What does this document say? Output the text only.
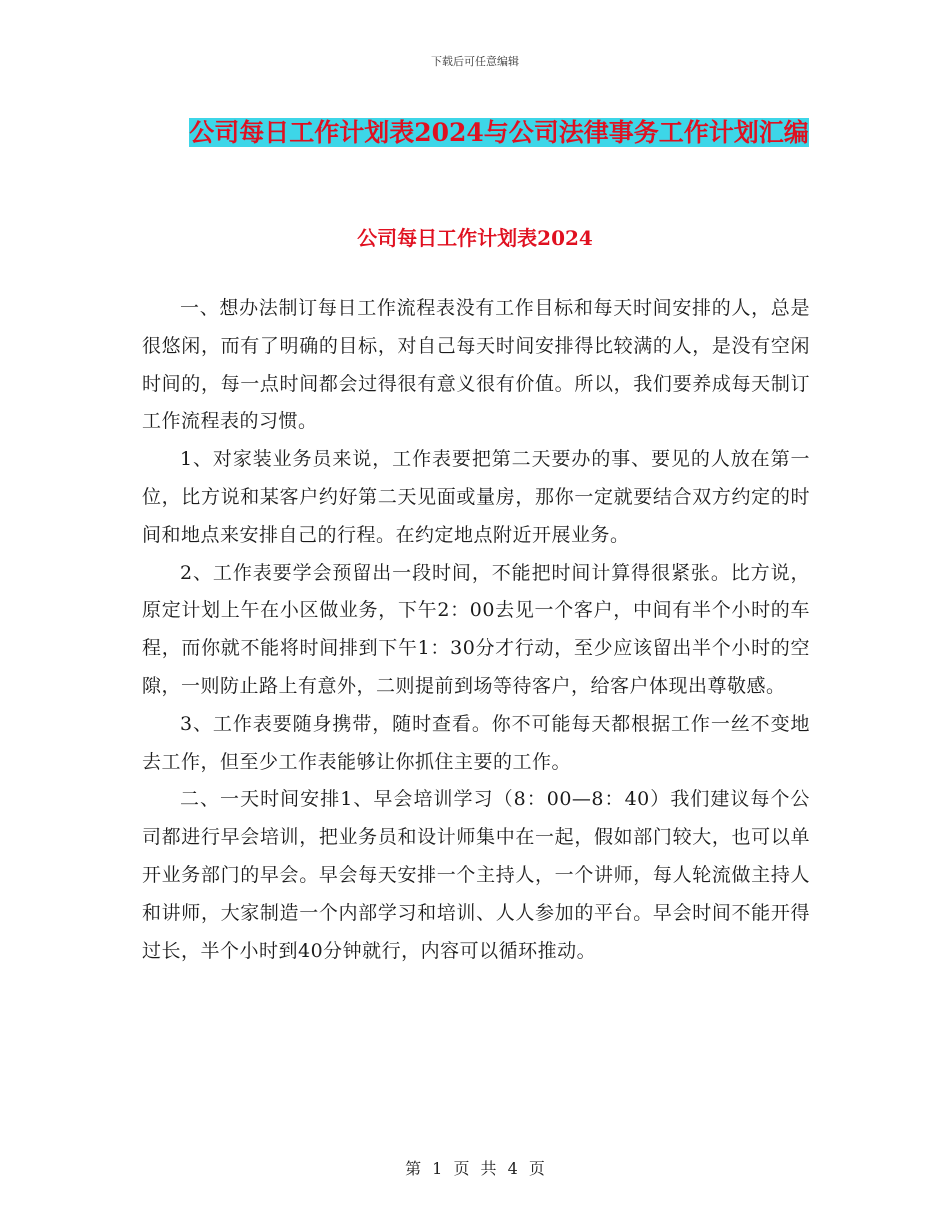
下载后可任意编辑
公司每日工作计划表2024与公司法律事务工作计划汇编
公司每日工作计划表2024

一、想办法制订每日工作流程表没有工作目标和每天时间安排的人，总是很悠闲，而有了明确的目标，对自己每天时间安排得比较满的人，是没有空闲时间的，每一点时间都会过得很有意义很有价值。所以，我们要养成每天制订工作流程表的习惯。

1、对家装业务员来说，工作表要把第二天要办的事、要见的人放在第一位，比方说和某客户约好第二天见面或量房，那你一定就要结合双方约定的时间和地点来安排自己的行程。在约定地点附近开展业务。

2、工作表要学会预留出一段时间，不能把时间计算得很紧张。比方说，原定计划上午在小区做业务，下午2：00去见一个客户，中间有半个小时的车程，而你就不能将时间排到下午1：30分才行动，至少应该留出半个小时的空隙，一则防止路上有意外，二则提前到场等待客户，给客户体现出尊敬感。

3、工作表要随身携带，随时查看。你不可能每天都根据工作一丝不变地去工作，但至少工作表能够让你抓住主要的工作。

二、一天时间安排1、早会培训学习（8：00—8：40）我们建议每个公司都进行早会培训，把业务员和设计师集中在一起，假如部门较大，也可以单开业务部门的早会。早会每天安排一个主持人，一个讲师，每人轮流做主持人和讲师，大家制造一个内部学习和培训、人人参加的平台。早会时间不能开得过长，半个小时到40分钟就行，内容可以循环推动。

第 1 页 共 4 页
